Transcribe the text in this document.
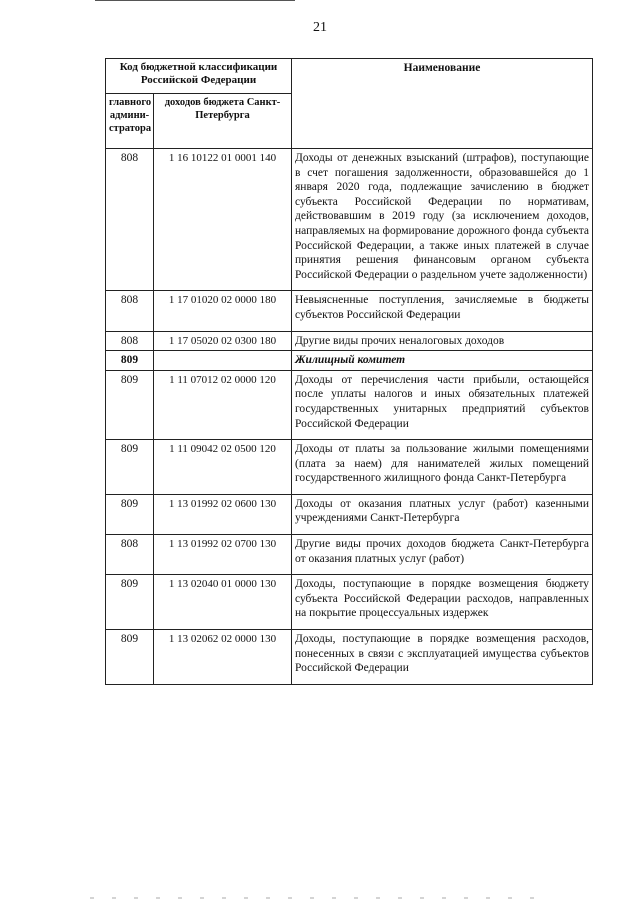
21
Код бюджетной классификации Российской Федерации		Наименование
главного админи-стратора	доходов бюджета Санкт-Петербурга	
808	1 16 10122 01 0001 140	Доходы от денежных взысканий (штрафов), поступающие в счет погашения задолженности, образовавшейся до 1 января 2020 года, подлежащие зачислению в бюджет субъекта Российской Федерации по нормативам, действовавшим в 2019 году (за исключением доходов, направляемых на формирование дорожного фонда субъекта Российской Федерации, а также иных платежей в случае принятия решения финансовым органом субъекта Российской Федерации о раздельном учете задолженности)

808	1 17 01020 02 0000 180	Невыясненные поступления, зачисляемые в бюджеты субъектов Российской Федерации

808	1 17 05020 02 0300 180	Другие виды прочих неналоговых доходов
809		Жилищный комитет
809	1 11 07012 02 0000 120	Доходы от перечисления части прибыли, остающейся после уплаты налогов и иных обязательных платежей государственных унитарных предприятий субъектов Российской Федерации

809	1 11 09042 02 0500 120	Доходы от платы за пользование жилыми помещениями (плата за наем) для нанимателей жилых помещений государственного жилищного фонда Санкт-Петербурга

809	1 13 01992 02 0600 130	Доходы от оказания платных услуг (работ) казенными учреждениями Санкт-Петербурга

808	1 13 01992 02 0700 130	Другие виды прочих доходов бюджета Санкт-Петербурга от оказания платных услуг (работ)

809	1 13 02040 01 0000 130	Доходы, поступающие в порядке возмещения бюджету субъекта Российской Федерации расходов, направленных на покрытие процессуальных издержек

809	1 13 02062 02 0000 130	Доходы, поступающие в порядке возмещения расходов, понесенных в связи с эксплуатацией имущества субъектов Российской Федерации
